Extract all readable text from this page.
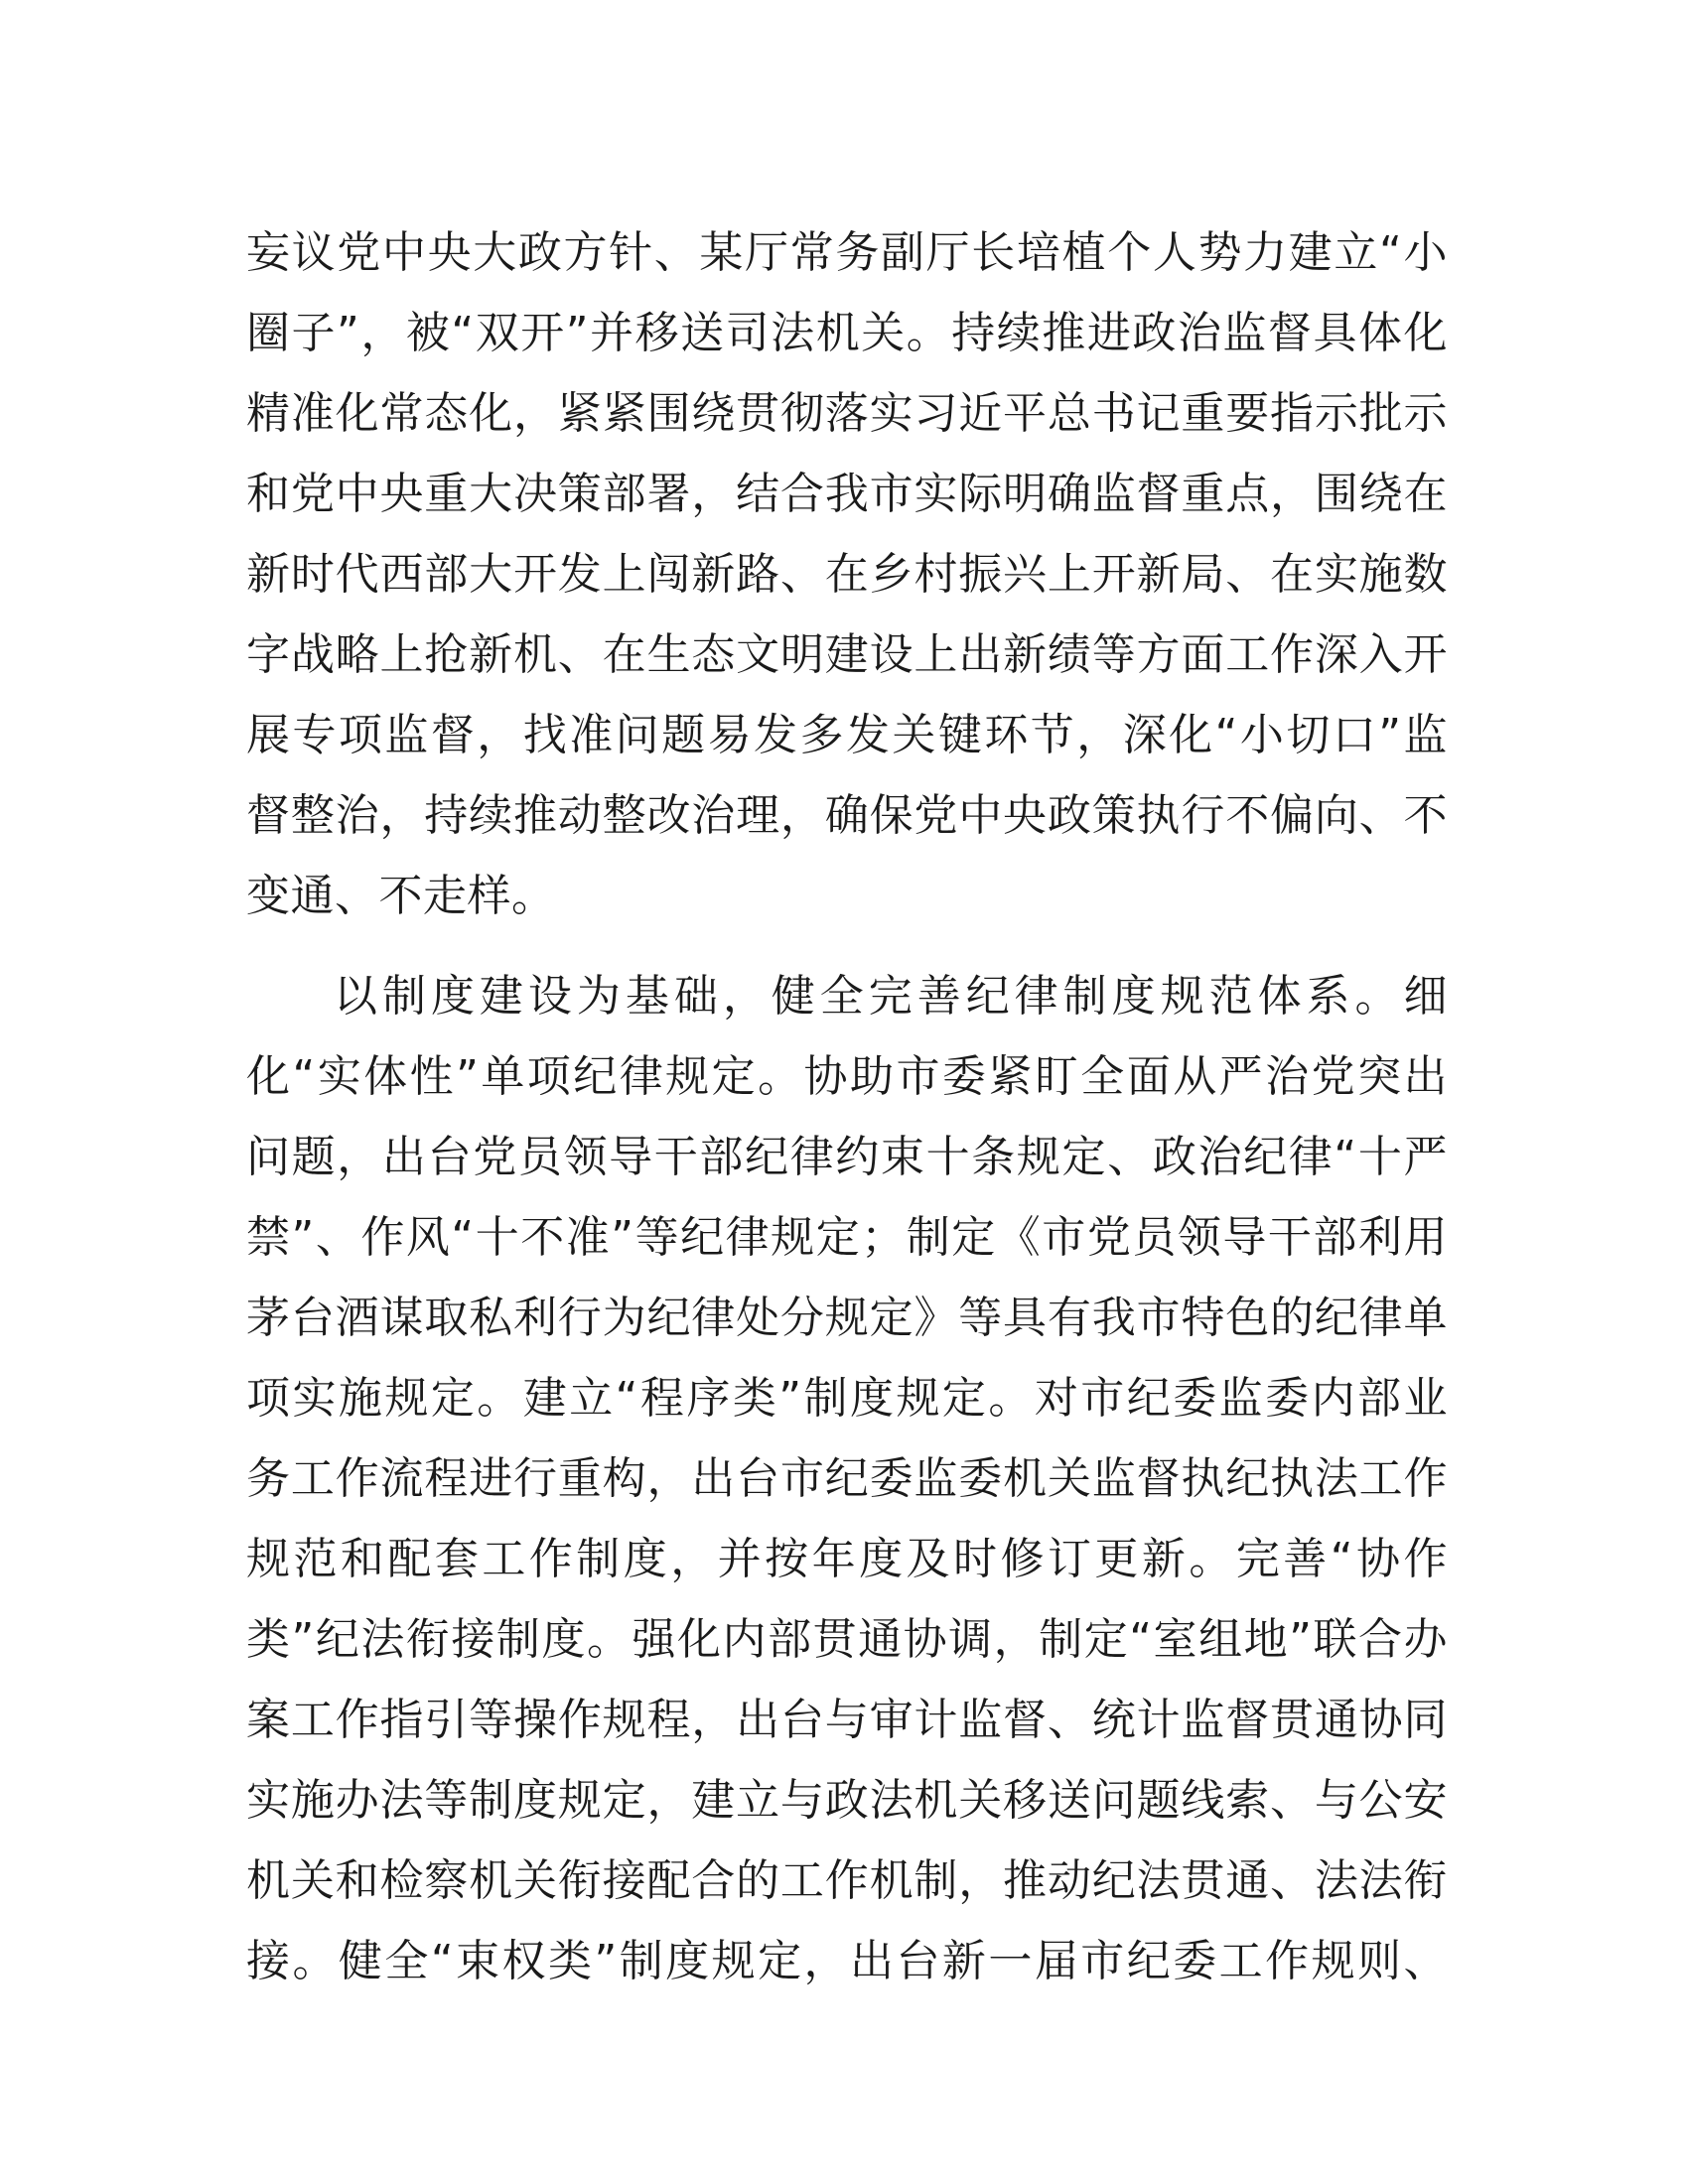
妄议党中央大政方针、某厅常务副厅长培植个人势力建立“小
圈子”，被“双开”并移送司法机关。持续推进政治监督具体化
精准化常态化，紧紧围绕贯彻落实习近平总书记重要指示批示
和党中央重大决策部署，结合我市实际明确监督重点，围绕在
新时代西部大开发上闯新路、在乡村振兴上开新局、在实施数
字战略上抢新机、在生态文明建设上出新绩等方面工作深入开
展专项监督，找准问题易发多发关键环节，深化“小切口”监
督整治，持续推动整改治理，确保党中央政策执行不偏向、不
变通、不走样。
以制度建设为基础，健全完善纪律制度规范体系。细
化“实体性”单项纪律规定。协助市委紧盯全面从严治党突出
问题，出台党员领导干部纪律约束十条规定、政治纪律“十严
禁”、作风“十不准”等纪律规定；制定《市党员领导干部利用
茅台酒谋取私利行为纪律处分规定》等具有我市特色的纪律单
项实施规定。建立“程序类”制度规定。对市纪委监委内部业
务工作流程进行重构，出台市纪委监委机关监督执纪执法工作
规范和配套工作制度，并按年度及时修订更新。完善“协作
类”纪法衔接制度。强化内部贯通协调，制定“室组地”联合办
案工作指引等操作规程，出台与审计监督、统计监督贯通协同
实施办法等制度规定，建立与政法机关移送问题线索、与公安
机关和检察机关衔接配合的工作机制，推动纪法贯通、法法衔
接。健全“束权类”制度规定，出台新一届市纪委工作规则、
